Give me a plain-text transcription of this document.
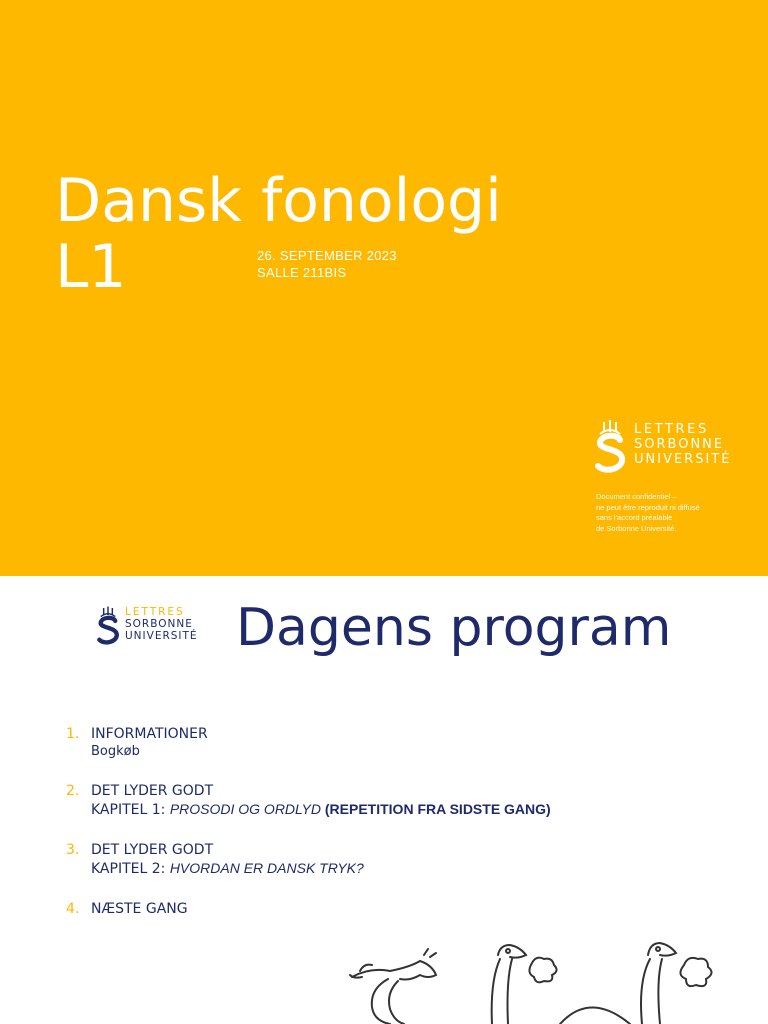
Dansk fonologi
L1	26. SEPTEMBER 2023
SALLE 211BIS
LETTRES
SORBONNE
UNIVERSITÉ
Document confidentiel –
ne peut être reproduit ni diffusé
sans l'accord préalable
de Sorbonne Université.
LETTRES
SORBONNE
UNIVERSITÉ Dagens program
1. INFORMATIONER
Bogkøb
2. DET LYDER GODT
KAPITEL 1: PROSODI OG ORDLYD (REPETITION FRA SIDSTE GANG)
3. DET LYDER GODT
KAPITEL 2: HVORDAN ER DANSK TRYK?
4. NÆSTE GANG
